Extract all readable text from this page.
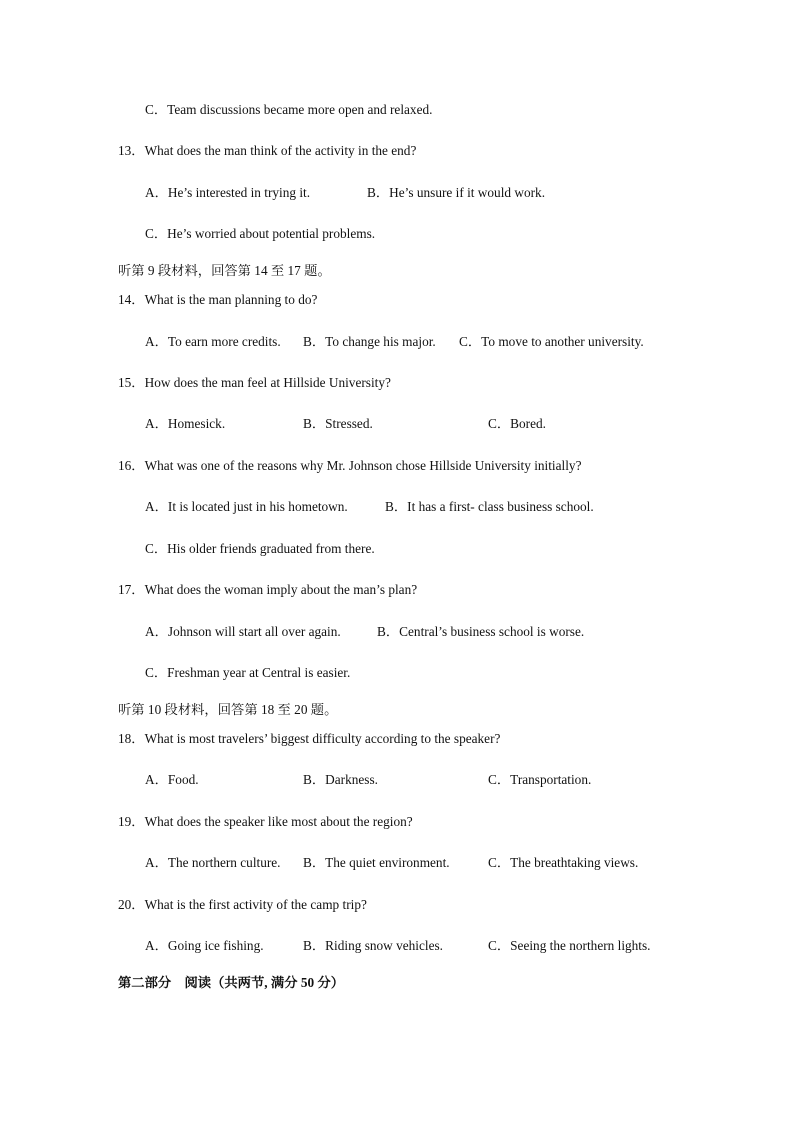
C．Team discussions became more open and relaxed.
13．What does the man think of the activity in the end?
A．He’s interested in trying it.	B．He’s unsure if it would work.
C．He’s worried about potential problems.
听第 9 段材料，回答第 14 至 17 题。
14．What is the man planning to do?
A．To earn more credits. B．To change his major. C．To move to another university.
15．How does the man feel at Hillside University?
A．Homesick.	B．Stressed.	C．Bored.
16．What was one of the reasons why Mr. Johnson chose Hillside University initially?
A．It is located just in his hometown.	B．It has a first- class business school.
C．His older friends graduated from there.
17．What does the woman imply about the man’s plan?
A．Johnson will start all over again.	B．Central’s business school is worse.
C．Freshman year at Central is easier.
听第 10 段材料，回答第 18 至 20 题。
18．What is most travelers’ biggest difficulty according to the speaker?
A．Food.	B．Darkness.	C．Transportation.
19．What does the speaker like most about the region?
A．The northern culture. B．The quiet environment.	C．The breathtaking views.
20．What is the first activity of the camp trip?
A．Going ice fishing.	B．Riding snow vehicles.	C．Seeing the northern lights.
第二部分　阅读（共两节, 满分 50 分）
